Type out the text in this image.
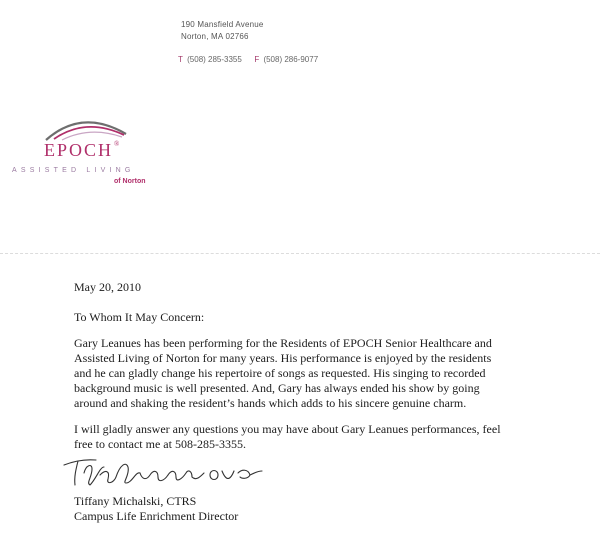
190 Mansfield Avenue
Norton, MA 02766
T (508) 285-3355 F (508) 286-9077
EPOCH®
ASSISTED LIVING
of Norton
May 20, 2010
To Whom It May Concern:
Gary Leanues has been performing for the Residents of EPOCH Senior Healthcare and
Assisted Living of Norton for many years. His performance is enjoyed by the residents
and he can gladly change his repertoire of songs as requested. His singing to recorded
background music is well presented. And, Gary has always ended his show by going
around and shaking the resident’s hands which adds to his sincere genuine charm.
I will gladly answer any questions you may have about Gary Leanues performances, feel
free to contact me at 508-285-3355.
Tiffany Michalski, CTRS
Campus Life Enrichment Director
